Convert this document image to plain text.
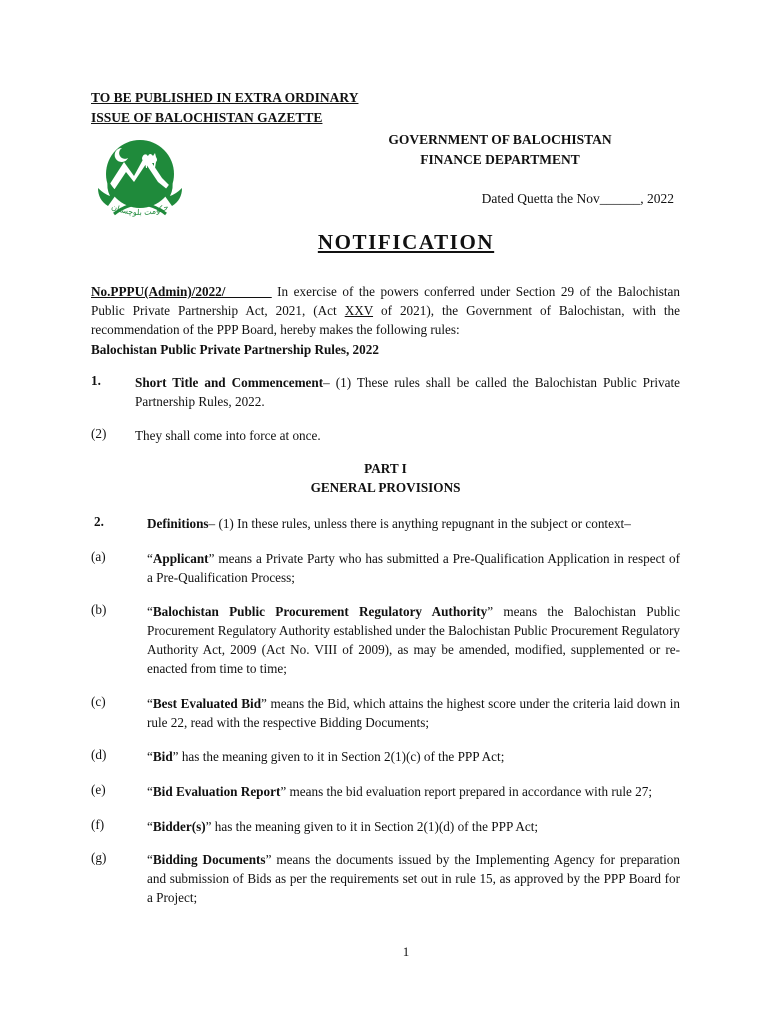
TO BE PUBLISHED IN EXTRA ORDINARY
ISSUE OF BALOCHISTAN GAZETTE
حکومت بلوچستان
GOVERNMENT OF BALOCHISTAN
FINANCE DEPARTMENT
Dated Quetta the Nov______, 2022
NOTIFICATION
No.PPPU(Admin)/2022/_______ In exercise of the powers conferred under Section 29 of the Balochistan Public Private Partnership Act, 2021, (Act XXV of 2021), the Government of Balochistan, with the recommendation of the PPP Board, hereby makes the following rules:
Balochistan Public Private Partnership Rules, 2022
1.	Short Title and Commencement– (1) These rules shall be called the Balochistan Public Private Partnership Rules, 2022.
(2) They shall come into force at once.
PART I
GENERAL PROVISIONS
2.	Definitions– (1) In these rules, unless there is anything repugnant in the subject or context–
(a)	“Applicant” means a Private Party who has submitted a Pre-Qualification Application in respect of a Pre-Qualification Process;
(b)	“Balochistan Public Procurement Regulatory Authority” means the Balochistan Public Procurement Regulatory Authority established under the Balochistan Public Procurement Regulatory Authority Act, 2009 (Act No. VIII of 2009), as may be amended, modified, supplemented or re-enacted from time to time;
(c)	“Best Evaluated Bid” means the Bid, which attains the highest score under the criteria laid down in rule 22, read with the respective Bidding Documents;
(d)	“Bid” has the meaning given to it in Section 2(1)(c) of the PPP Act;
(e)	“Bid Evaluation Report” means the bid evaluation report prepared in accordance with rule 27;
(f)	“Bidder(s)” has the meaning given to it in Section 2(1)(d) of the PPP Act;
(g)	“Bidding Documents” means the documents issued by the Implementing Agency for preparation and submission of Bids as per the requirements set out in rule 15, as approved by the PPP Board for a Project;
1
